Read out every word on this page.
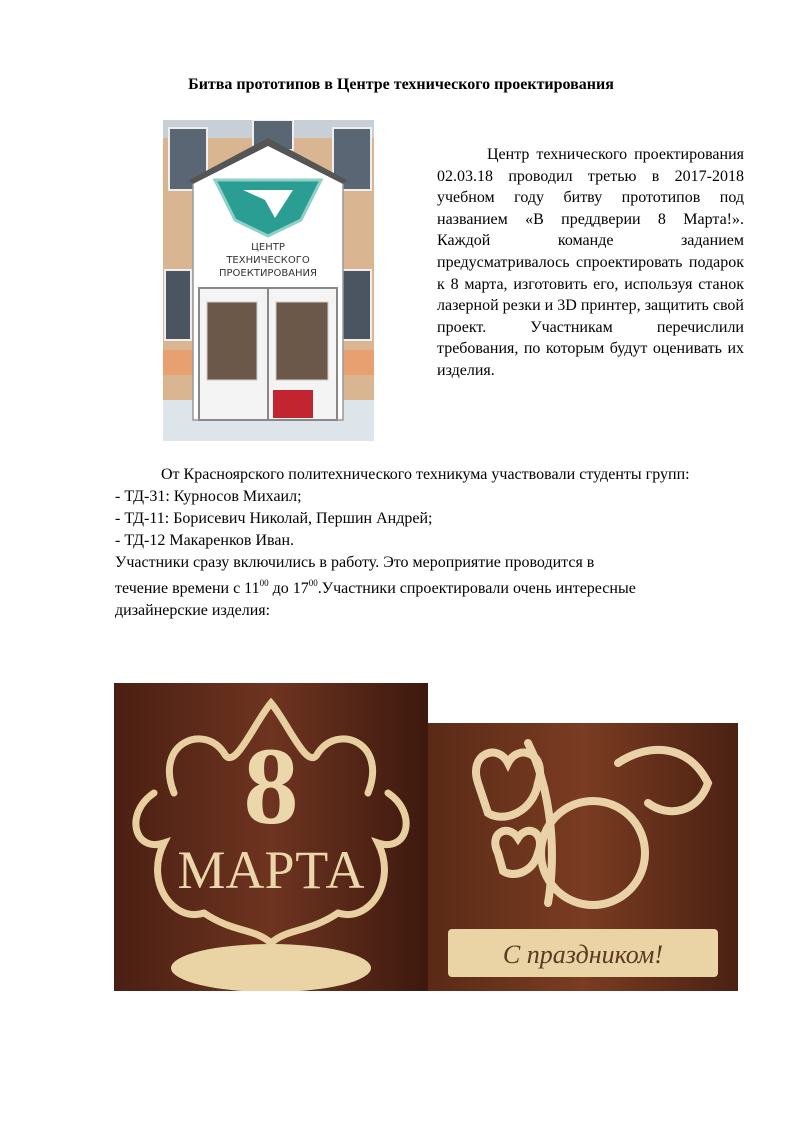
Битва прототипов в Центре технического проектирования
ЦЕНТР
ТЕХНИЧЕСКОГО
ПРОЕКТИРОВАНИЯ

Центр технического проектирования 02.03.18 проводил третью в 2017-2018 учебном году битву прототипов под названием «В преддверии 8 Марта!». Каждой команде заданием предусматривалось спроектировать подарок к 8 марта, изготовить его, используя станок лазерной резки и 3D принтер, защитить свой проект. Участникам перечислили требования, по которым будут оценивать их изделия.

От Красноярского политехнического техникума участвовали студенты групп:

- ТД-31: Курносов Михаил;

- ТД-11: Борисевич Николай, Першин Андрей;

- ТД-12 Макаренков Иван.

Участники сразу включились в работу. Это мероприятие проводится в

течение времени с $11^{00}$ до $17^{00}.Участники$ спроектировали очень интересные

дизайнерские изделия:

8
МАРТА
С праздником!
